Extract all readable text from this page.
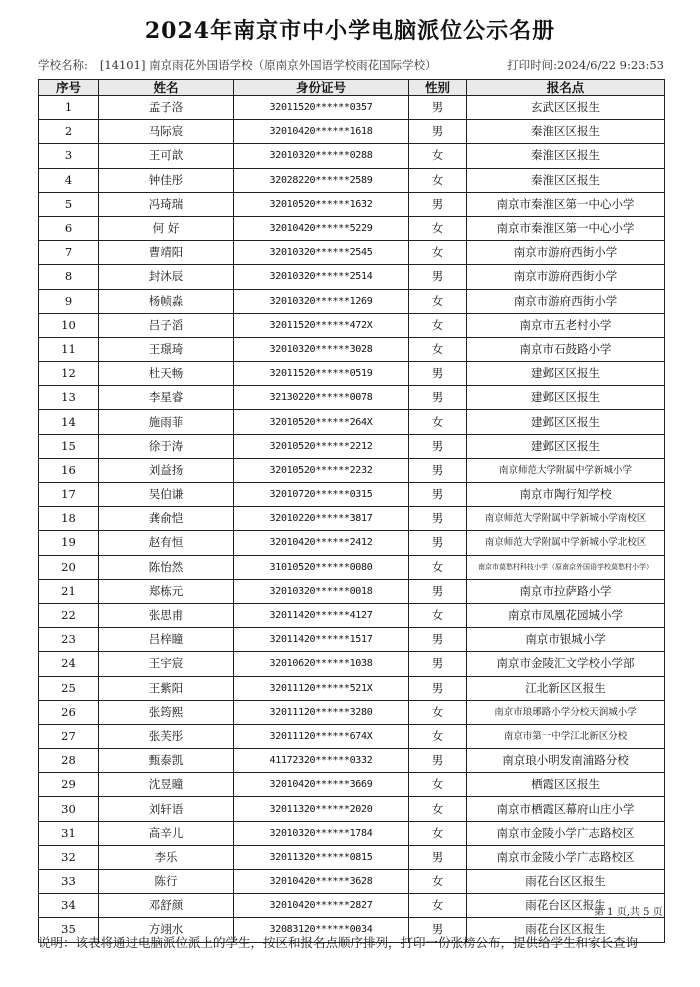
2024年南京市中小学电脑派位公示名册
学校名称: [14101] 南京雨花外国语学校（原南京外国语学校雨花国际学校）	打印时间:2024/6/22 9:23:53
序号	姓名	身份证号	性别	报名点
1	孟子洛	32011520******0357	男	玄武区区报生
2	马际宸	32010420******1618	男	秦淮区区报生
3	王可歆	32010320******0288	女	秦淮区区报生
4	钟佳彤	32028220******2589	女	秦淮区区报生
5	冯琦瑞	32010520******1632	男	南京市秦淮区第一中心小学
6	何 好	32010420******5229	女	南京市秦淮区第一中心小学
7	曹靖阳	32010320******2545	女	南京市游府西街小学
8	封沐辰	32010320******2514	男	南京市游府西街小学
9	杨帧淼	32010320******1269	女	南京市游府西街小学
10	吕子滔	32011520******472X	女	南京市五老村小学
11	王璟琦	32010320******3028	女	南京市石鼓路小学
12	杜天畅	32011520******0519	男	建邺区区报生
13	李星睿	32130220******0078	男	建邺区区报生
14	施雨菲	32010520******264X	女	建邺区区报生
15	徐于涛	32010520******2212	男	建邺区区报生
16	刘益扬	32010520******2232	男	南京师范大学附属中学新城小学
17	吴伯谦	32010720******0315	男	南京市陶行知学校
18	龚俞恺	32010220******3817	男	南京师范大学附属中学新城小学南校区
19	赵有恒	32010420******2412	男	南京师范大学附属中学新城小学北校区
20	陈怡然	31010520******0080	女	南京市莫愁村科技小学（原南京外国语学校莫愁村小学）
21	郑栋元	32010320******0018	男	南京市拉萨路小学
22	张思甫	32011420******4127	女	南京市凤凰花园城小学
23	吕梓瞳	32011420******1517	男	南京市银城小学
24	王宇宸	32010620******1038	男	南京市金陵汇文学校小学部
25	王紫阳	32011120******521X	男	江北新区区报生
26	张筠熙	32011120******3280	女	南京市琅琊路小学分校天润城小学
27	张芙彤	32011120******674X	女	南京市第一中学江北新区分校
28	甄泰凯	41172320******0332	男	南京琅小明发南浦路分校
29	沈昱曈	32010420******3669	女	栖霞区区报生
30	刘轩语	32011320******2020	女	南京市栖霞区幕府山庄小学
31	高辛儿	32010320******1784	女	南京市金陵小学广志路校区
32	李乐	32011320******0815	男	南京市金陵小学广志路校区
33	陈行	32010420******3628	女	雨花台区区报生
34	邓舒颜	32010420******2827	女	雨花台区区报生
35	方翊水	32083120******0034	男	雨花台区区报生
第 1 页,共 5 页
说明：该表将通过电脑派位派上的学生，按区和报名点顺序排列，打印一份张榜公布，提供给学生和家长查询
